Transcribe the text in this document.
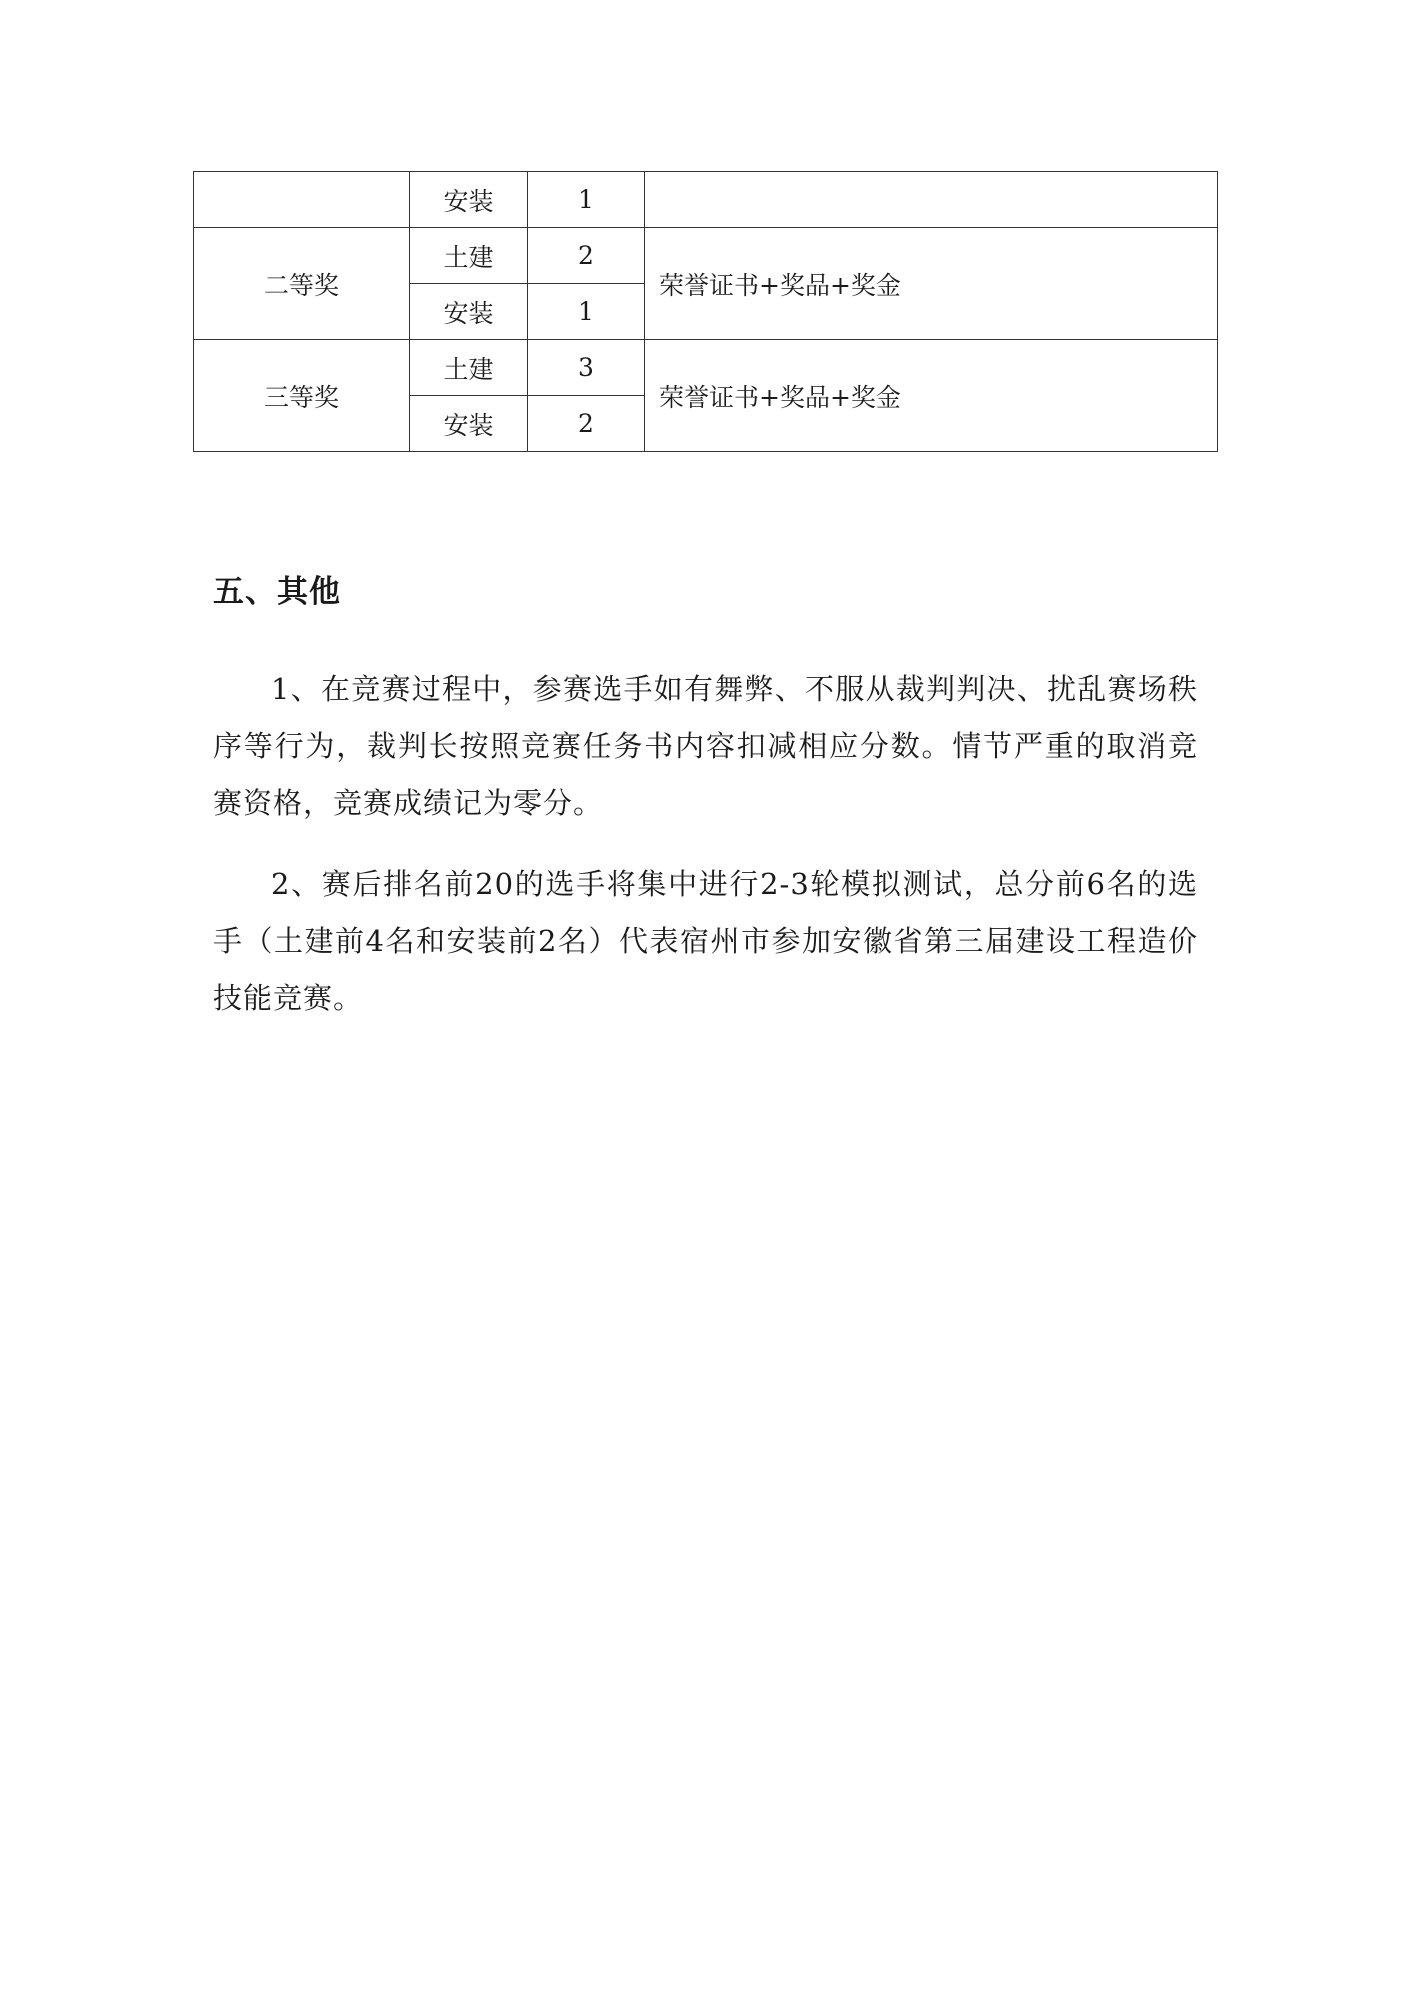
	安装	1	
二等奖	土建	2	荣誉证书+奖品+奖金
	安装	1	
三等奖	土建	3	荣誉证书+奖品+奖金
	安装	2	
五、其他

1、在竞赛过程中，参赛选手如有舞弊、不服从裁判判决、扰乱赛场秩序等行为，裁判长按照竞赛任务书内容扣减相应分数。情节严重的取消竞赛资格，竞赛成绩记为零分。

2、赛后排名前20的选手将集中进行2-3轮模拟测试，总分前6名的选手（土建前4名和安装前2名）代表宿州市参加安徽省第三届建设工程造价技能竞赛。
